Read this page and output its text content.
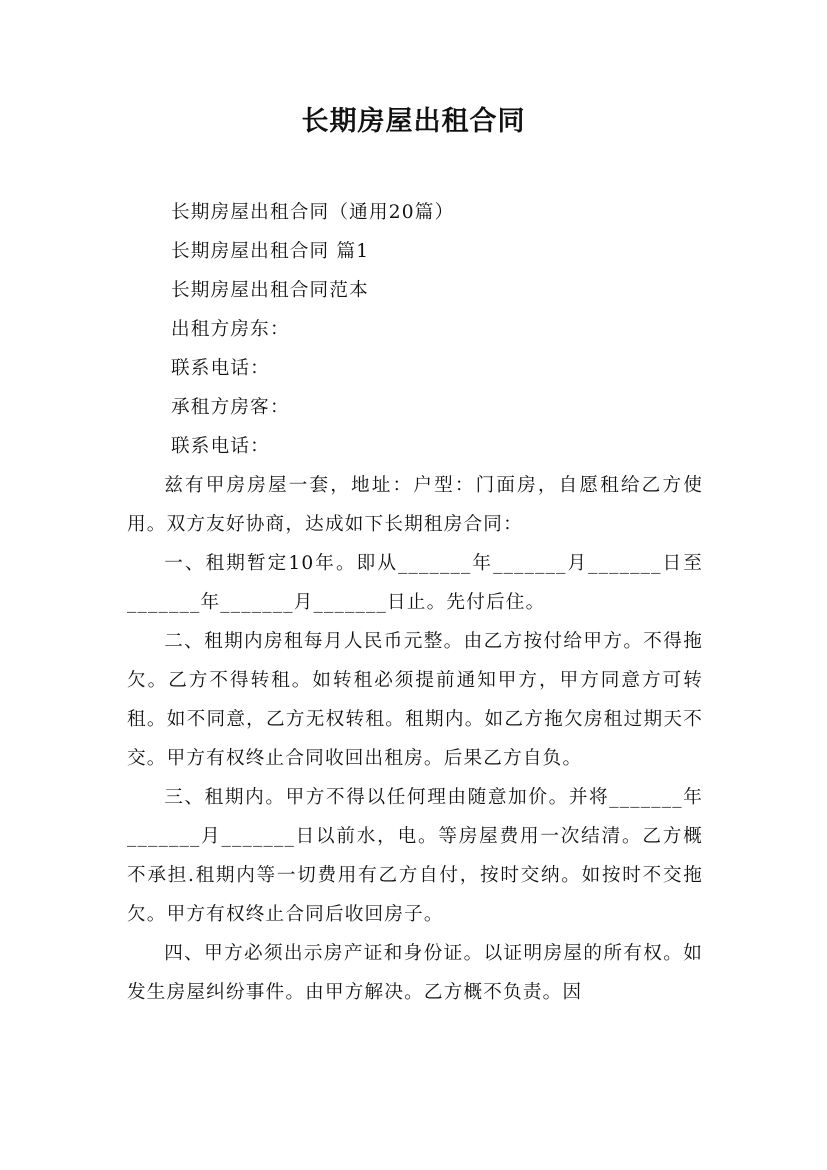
长期房屋出租合同

长期房屋出租合同（通用20篇）

长期房屋出租合同 篇1

长期房屋出租合同范本

出租方房东：

联系电话：

承租方房客：

联系电话：

兹有甲房房屋一套，地址：户型：门面房，自愿租给乙方使用。双方友好协商，达成如下长期租房合同：

一、租期暂定10年。即从_______年_______月_______日至_______年_______月_______日止。先付后住。

二、租期内房租每月人民币元整。由乙方按付给甲方。不得拖欠。乙方不得转租。如转租必须提前通知甲方，甲方同意方可转租。如不同意，乙方无权转租。租期内。如乙方拖欠房租过期天不交。甲方有权终止合同收回出租房。后果乙方自负。

三、租期内。甲方不得以任何理由随意加价。并将_______年_______月_______日以前水，电。等房屋费用一次结清。乙方概不承担.租期内等一切费用有乙方自付，按时交纳。如按时不交拖欠。甲方有权终止合同后收回房子。

四、甲方必须出示房产证和身份证。以证明房屋的所有权。如发生房屋纠纷事件。由甲方解决。乙方概不负责。因
